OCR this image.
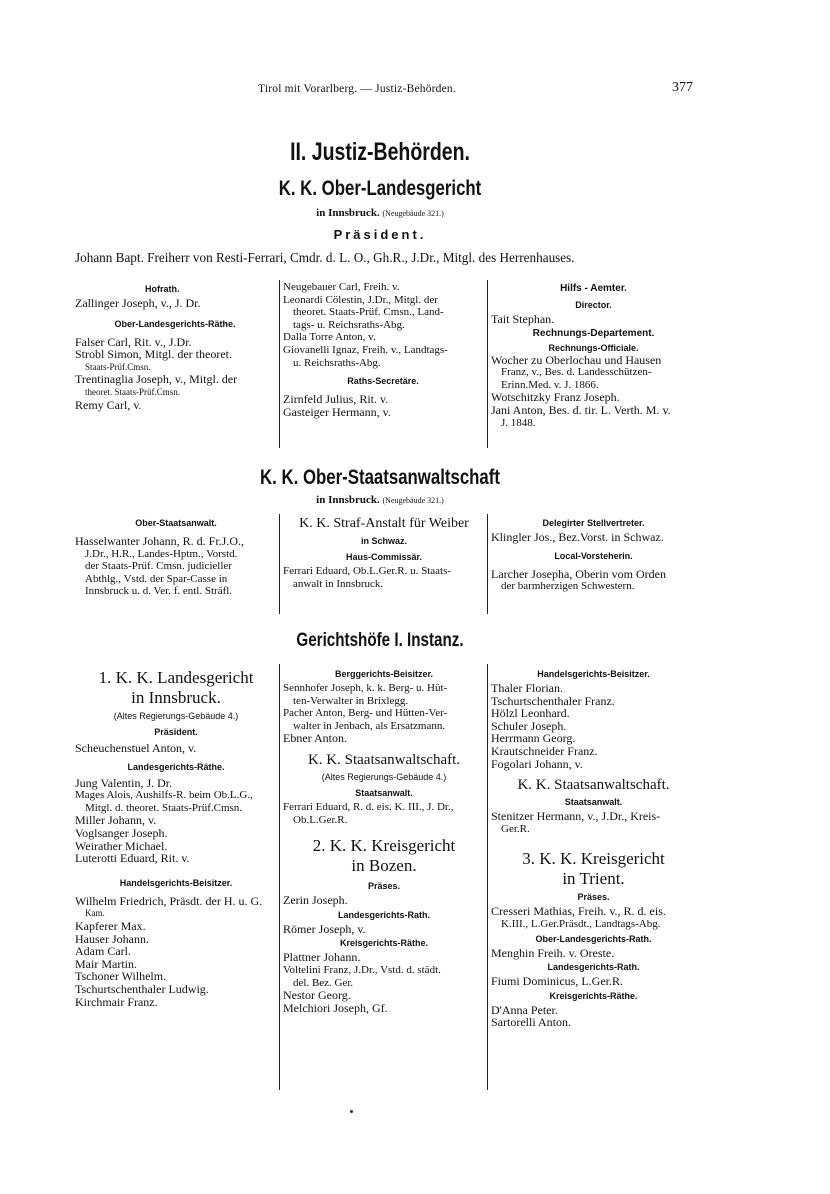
Tirol mit Vorarlberg. — Justiz-Behörden.	377
II. Justiz-Behörden.
K. K. Ober-Landesgericht
in Innsbruck. (Neugebäude 321.)
Präsident.
Johann Bapt. Freiherr von Resti-Ferrari, Cmdr. d. L. O., Gh.R., J.Dr., Mitgl. des Herrenhauses.
Hofrath.
Zallinger Joseph, v., J. Dr.
Ober-Landesgerichts-Räthe.
Falser Carl, Rit. v., J.Dr.
Strobl Simon, Mitgl. der theoret.
Staats-Prüf.Cmsn.
Trentinaglia Joseph, v., Mitgl. der
theoret. Staats-Prüf.Cmsn.
Remy Carl, v.
Neugebauer Carl, Freih. v.
Leonardi Cölestin, J.Dr., Mitgl. der
theoret. Staats-Prüf. Cmsn., Land-
tags- u. Reichsraths-Abg.
Dalla Torre Anton, v.
Giovanelli Ignaz, Freih. v., Landtags-
u. Reichsraths-Abg.
Raths-Secretäre.
Zirnfeld Julius, Rit. v.
Gasteiger Hermann, v.
Hilfs - Aemter.
Director.
Tait Stephan.
Rechnungs-Departement.
Rechnungs-Officiale.
Wocher zu Oberlochau und Hausen
Franz, v., Bes. d. Landesschützen-
Erinn.Med. v. J. 1866.
Wotschitzky Franz Joseph.
Jani Anton, Bes. d. tir. L. Verth. M. v.
J. 1848.
K. K. Ober-Staatsanwaltschaft
in Innsbruck. (Neugebäude 321.)
Ober-Staatsanwalt.
Hasselwanter Johann, R. d. Fr.J.O.,
J.Dr., H.R., Landes-Hptm., Vorstd.
der Staats-Prüf. Cmsn. judicieller
Abthlg., Vstd. der Spar-Casse in
Innsbruck u. d. Ver. f. entl. Sträfl.
K. K. Straf-Anstalt für Weiber
in Schwaz.
Haus-Commissär.
Ferrari Eduard, Ob.L.Ger.R. u. Staats-
anwalt in Innsbruck.
Delegirter Stellvertreter.
Klingler Jos., Bez.Vorst. in Schwaz.
Local-Vorsteherin.
Larcher Josepha, Oberin vom Orden
der barmherzigen Schwestern.
Gerichtshöfe I. Instanz.
1. K. K. Landesgericht
in Innsbruck.
(Altes Regierungs-Gebäude 4.)
Präsident.
Scheuchenstuel Anton, v.
Landesgerichts-Räthe.
Jung Valentin, J. Dr.
Mages Alois, Aushilfs-R. beim Ob.L.G.,
Mitgl. d. theoret. Staats-Prüf.Cmsn.
Miller Johann, v.
Voglsanger Joseph.
Weirather Michael.
Luterotti Eduard, Rit. v.
Handelsgerichts-Beisitzer.
Wilhelm Friedrich, Präsdt. der H. u. G.
Kam.
Kapferer Max.
Hauser Johann.
Adam Carl.
Mair Martin.
Tschoner Wilhelm.
Tschurtschenthaler Ludwig.
Kirchmair Franz.
Berggerichts-Beisitzer.
Sennhofer Joseph, k. k. Berg- u. Hüt-
ten-Verwalter in Brixlegg.
Pacher Anton, Berg- und Hütten-Ver-
walter in Jenbach, als Ersatzmann.
Ebner Anton.
K. K. Staatsanwaltschaft.
(Altes Regierungs-Gebäude 4.)
Staatsanwalt.
Ferrari Eduard, R. d. eis. K. III., J. Dr.,
Ob.L.Ger.R.
2. K. K. Kreisgericht
in Bozen.
Präses.
Zerin Joseph.
Landesgerichts-Rath.
Römer Joseph, v.
Kreisgerichts-Räthe.
Plattner Johann.
Voltelini Franz, J.Dr., Vstd. d. städt.
del. Bez. Ger.
Nestor Georg.
Melchiori Joseph, Gf.
Handelsgerichts-Beisitzer.
Thaler Florian.
Tschurtschenthaler Franz.
Hölzl Leonhard.
Schuler Joseph.
Herrmann Georg.
Krautschneider Franz.
Fogolari Johann, v.
K. K. Staatsanwaltschaft.
Staatsanwalt.
Stenitzer Hermann, v., J.Dr., Kreis-
Ger.R.
3. K. K. Kreisgericht
in Trient.
Präses.
Cresseri Mathias, Freih. v., R. d. eis.
K.III., L.Ger.Präsdt., Landtags-Abg.
Ober-Landesgerichts-Rath.
Menghin Freih. v. Oreste.
Landesgerichts-Rath.
Fiumi Dominicus, L.Ger.R.
Kreisgerichts-Räthe.
D'Anna Peter.
Sartorelli Anton.
